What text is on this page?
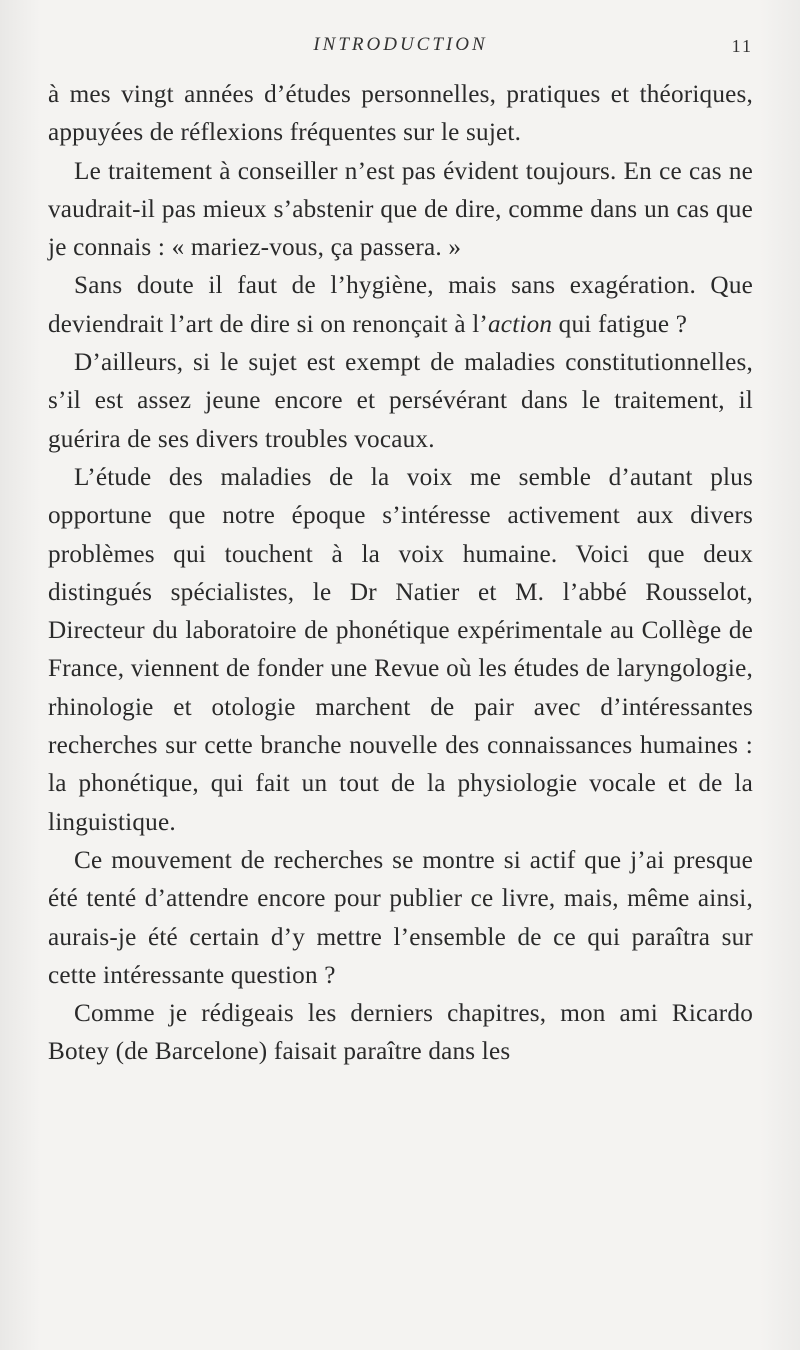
INTRODUCTION	11

à mes vingt années d’études personnelles, pratiques et théoriques, appuyées de réflexions fréquentes sur le sujet.

Le traitement à conseiller n’est pas évident toujours. En ce cas ne vaudrait-il pas mieux s’abstenir que de dire, comme dans un cas que je connais : « mariez-vous, ça passera. »

Sans doute il faut de l’hygiène, mais sans exagération. Que deviendrait l’art de dire si on renonçait à l’action qui fatigue ?

D’ailleurs, si le sujet est exempt de maladies constitutionnelles, s’il est assez jeune encore et persévérant dans le traitement, il guérira de ses divers troubles vocaux.

L’étude des maladies de la voix me semble d’autant plus opportune que notre époque s’intéresse activement aux divers problèmes qui touchent à la voix humaine. Voici que deux distingués spécialistes, le Dr Natier et M. l’abbé Rousselot, Directeur du laboratoire de phonétique expérimentale au Collège de France, viennent de fonder une Revue où les études de laryngologie, rhinologie et otologie marchent de pair avec d’intéressantes recherches sur cette branche nouvelle des connaissances humaines : la phonétique, qui fait un tout de la physiologie vocale et de la linguistique.

Ce mouvement de recherches se montre si actif que j’ai presque été tenté d’attendre encore pour publier ce livre, mais, même ainsi, aurais-je été certain d’y mettre l’ensemble de ce qui paraîtra sur cette intéressante question ?

Comme je rédigeais les derniers chapitres, mon ami Ricardo Botey (de Barcelone) faisait paraître dans les
